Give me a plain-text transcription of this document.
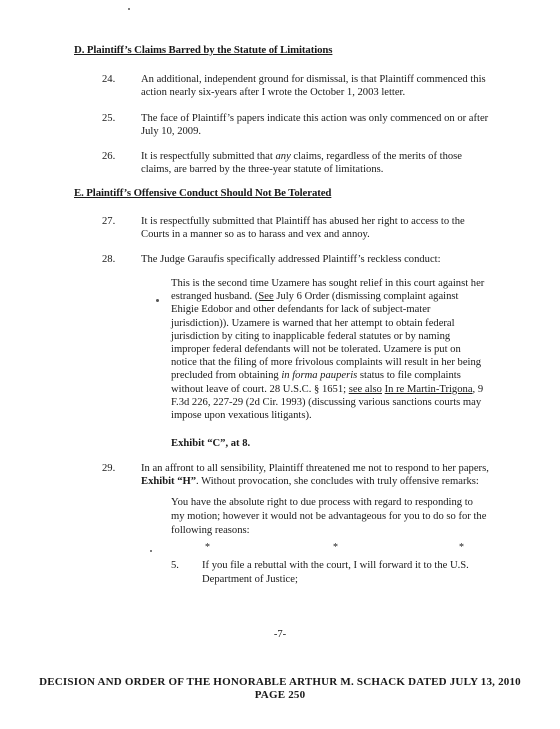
D. Plaintiff’s Claims Barred by the Statute of Limitations
24.	An additional, independent ground for dismissal, is that Plaintiff commenced this
action nearly six-years after I wrote the October 1, 2003 letter.
25.	The face of Plaintiff’s papers indicate this action was only commenced on or after
July 10, 2009.
26.	It is respectfully submitted that any claims, regardless of the merits of those
claims, are barred by the three-year statute of limitations.
E. Plaintiff’s Offensive Conduct Should Not Be Tolerated
27.	It is respectfully submitted that Plaintiff has abused her right to access to the
Courts in a manner so as to harass and vex and annoy.
28.	The Judge Garaufis specifically addressed Plaintiff’s reckless conduct:
This is the second time Uzamere has sought relief in this court against her
estranged husband. (See July 6 Order (dismissing complaint against
Ehigie Edobor and other defendants for lack of subject-mater
jurisdiction)). Uzamere is warned that her attempt to obtain federal
jurisdiction by citing to inapplicable federal statutes or by naming
improper federal defendants will not be tolerated. Uzamere is put on
notice that the filing of more frivolous complaints will result in her being
precluded from obtaining in forma pauperis status to file complaints
without leave of court. 28 U.S.C. § 1651; see also In re Martin-Trigona, 9
F.3d 226, 227-29 (2d Cir. 1993) (discussing various sanctions courts may
impose upon vexatious litigants).
Exhibit “C”, at 8.
29.	In an affront to all sensibility, Plaintiff threatened me not to respond to her papers,
Exhibit “H”. Without provocation, she concludes with truly offensive remarks:
You have the absolute right to due process with regard to responding to
my motion; however it would not be advantageous for you to do so for the
following reasons:
*	*	*
5.	If you file a rebuttal with the court, I will forward it to the U.S.
Department of Justice;
-7-
DECISION AND ORDER OF THE HONORABLE ARTHUR M. SCHACK DATED JULY 13, 2010
PAGE 250
